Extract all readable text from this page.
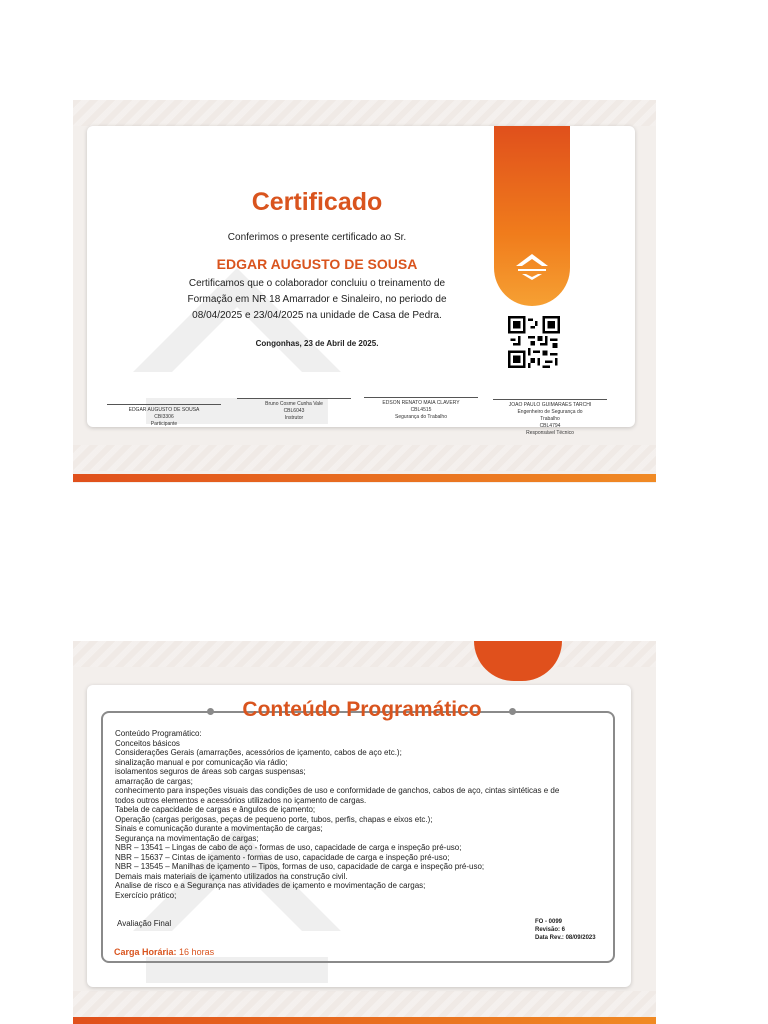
Certificado
Conferimos o presente certificado ao Sr.
EDGAR AUGUSTO DE SOUSA
Certificamos que o colaborador concluiu o treinamento de
Formação em NR 18 Amarrador e Sinaleiro, no periodo de
08/04/2025 e 23/04/2025 na unidade de Casa de Pedra.
Congonhas, 23 de Abril de 2025.
EDGAR AUGUSTO DE SOUSA
CBI3306
Participante
Bruno Cosme Cunha Vale
CBL6043
Instrutor
EDSON RENATO MAIA CLAVERY
CBL4515
Segurança do Trabalho
JOAO PAULO GUIMARAES TARCHI
Engenheiro de Segurança do
Trabalho
CBL4794
Responsável Técnico
Conteúdo Programático
Conteúdo Programático:
Conceitos básicos
Considerações Gerais (amarrações, acessórios de içamento, cabos de aço etc.);
sinalização manual e por comunicação via rádio;
isolamentos seguros de áreas sob cargas suspensas;
amarração de cargas;
conhecimento para inspeções visuais das condições de uso e conformidade de ganchos, cabos de aço, cintas sintéticas e de
todos outros elementos e acessórios utilizados no içamento de cargas.
Tabela de capacidade de cargas e ângulos de içamento;
Operação (cargas perigosas, peças de pequeno porte, tubos, perfis, chapas e eixos etc.);
Sinais e comunicação durante a movimentação de cargas;
Segurança na movimentação de cargas;
NBR – 13541 – Lingas de cabo de aço - formas de uso, capacidade de carga e inspeção pré-uso;
NBR – 15637 – Cintas de içamento - formas de uso, capacidade de carga e inspeção pré-uso;
NBR – 13545 – Manilhas de içamento – Tipos, formas de uso, capacidade de carga e inspeção pré-uso;
Demais mais materiais de içamento utilizados na construção civil.
Analise de risco e a Segurança nas atividades de içamento e movimentação de cargas;
Exercício prático;
Avaliação Final
Carga Horária: 16 horas
FO - 0099
Revisão: 6
Data Rev.: 08/09/2023
